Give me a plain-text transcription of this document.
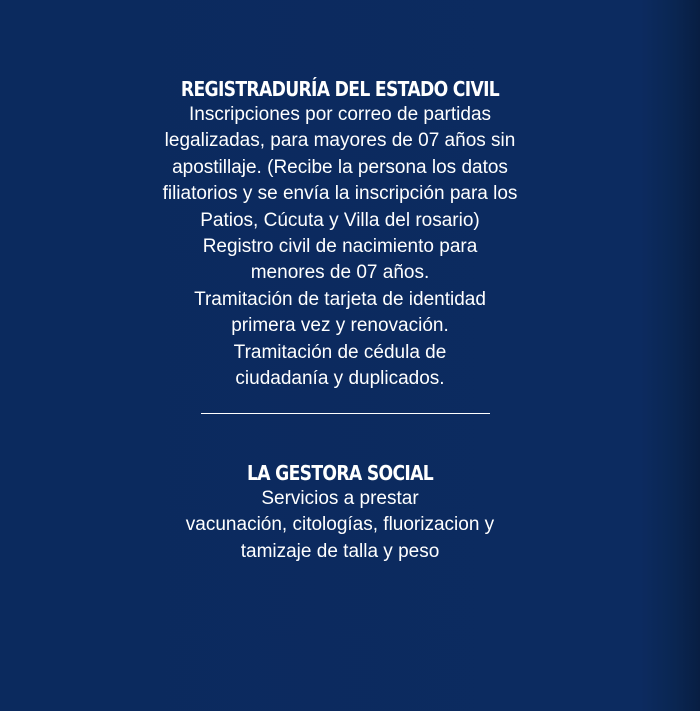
REGISTRADURÍA DEL ESTADO CIVIL

Inscripciones por correo de partidas

legalizadas, para mayores de 07 años sin

apostillaje. (Recibe la persona los datos

filiatorios y se envía la inscripción para los

Patios, Cúcuta y Villa del rosario)

Registro civil de nacimiento para

menores de 07 años.

Tramitación de tarjeta de identidad

primera vez y renovación.

Tramitación de cédula de

ciudadanía y duplicados.

LA GESTORA SOCIAL

Servicios a prestar

vacunación, citologías, fluorizacion y

tamizaje de talla y peso
